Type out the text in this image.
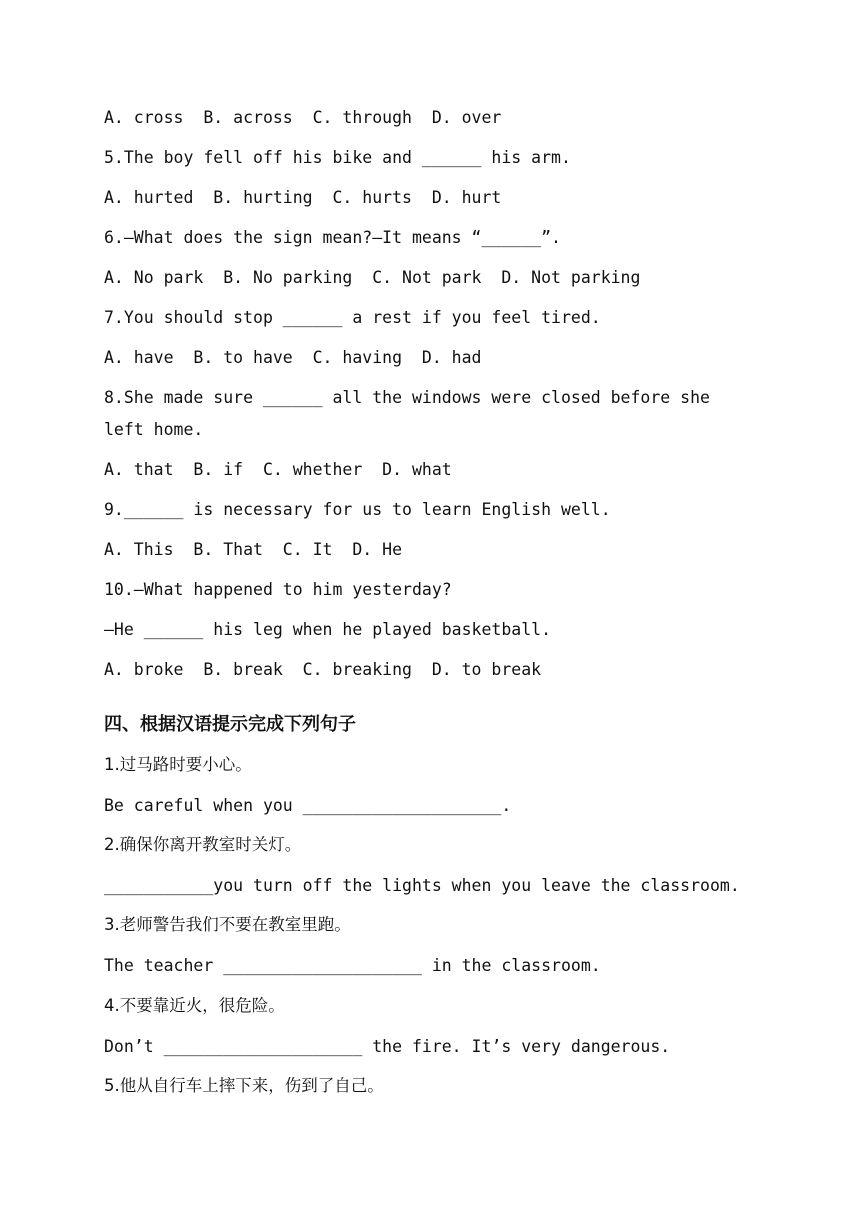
A. cross  B. across  C. through  D. over
5.The boy fell off his bike and ______ his arm.
A. hurted  B. hurting  C. hurts  D. hurt
6.—What does the sign mean?—It means “______”.
A. No park  B. No parking  C. Not park  D. Not parking
7.You should stop ______ a rest if you feel tired.
A. have  B. to have  C. having  D. had
8.She made sure ______ all the windows were closed before she
left home.
A. that  B. if  C. whether  D. what
9.______ is necessary for us to learn English well.
A. This  B. That  C. It  D. He
10.—What happened to him yesterday?
—He ______ his leg when he played basketball.
A. broke  B. break  C. breaking  D. to break
四、根据汉语提示完成下列句子
1.过马路时要小心。
Be careful when you ____________________.
2.确保你离开教室时关灯。
___________you turn off the lights when you leave the classroom.
3.老师警告我们不要在教室里跑。
The teacher ____________________ in the classroom.
4.不要靠近火，很危险。
Don’t ____________________ the fire. It’s very dangerous.
5.他从自行车上摔下来，伤到了自己。
